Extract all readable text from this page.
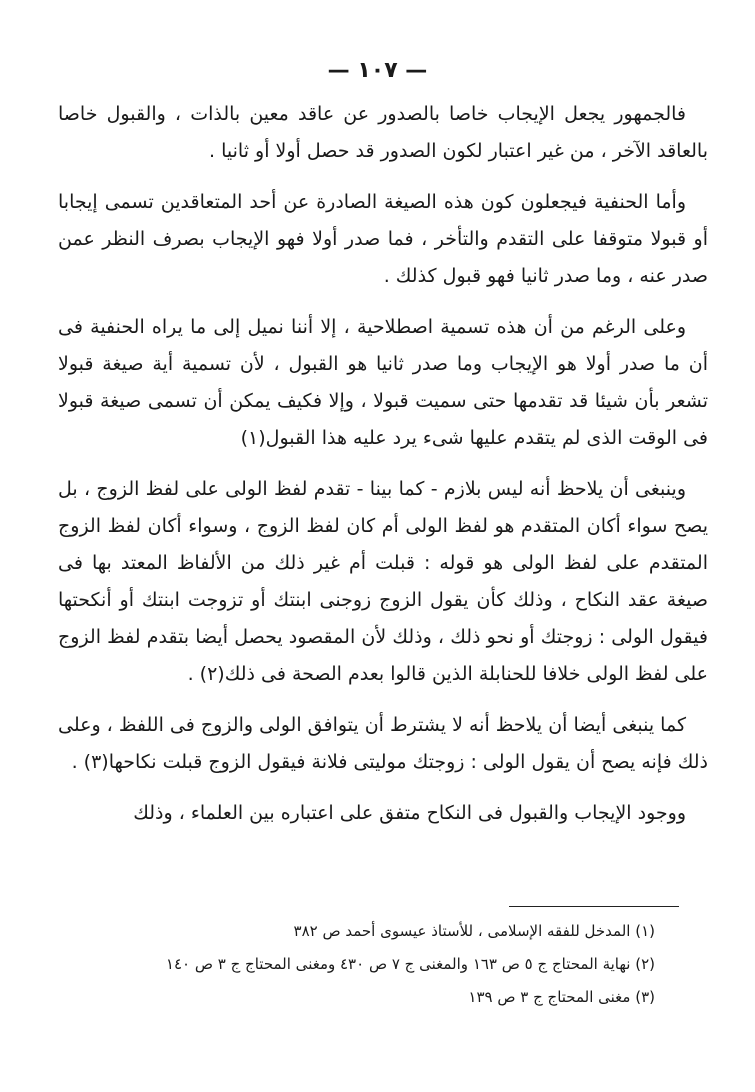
— ١٠٧ —

فالجمهور يجعل الإيجاب خاصا بالصدور عن عاقد معين بالذات ، والقبول خاصا بالعاقد الآخر ، من غير اعتبار لكون الصدور قد حصل أولا أو ثانيا .

وأما الحنفية فيجعلون كون هذه الصيغة الصادرة عن أحد المتعاقدين تسمى إيجابا أو قبولا متوقفا على التقدم والتأخر ، فما صدر أولا فهو الإيجاب بصرف النظر عمن صدر عنه ، وما صدر ثانيا فهو قبول كذلك .

وعلى الرغم من أن هذه تسمية اصطلاحية ، إلا أننا نميل إلى ما يراه الحنفية فى أن ما صدر أولا هو الإيجاب وما صدر ثانيا هو القبول ، لأن تسمية أية صيغة قبولا تشعر بأن شيئا قد تقدمها حتى سميت قبولا ، وإلا فكيف يمكن أن تسمى صيغة قبولا فى الوقت الذى لم يتقدم عليها شىء يرد عليه هذا القبول(١)

وينبغى أن يلاحظ أنه ليس بلازم - كما بينا - تقدم لفظ الولى على لفظ الزوج ، بل يصح سواء أكان المتقدم هو لفظ الولى أم كان لفظ الزوج ، وسواء أكان لفظ الزوج المتقدم على لفظ الولى هو قوله : قبلت أم غير ذلك من الألفاظ المعتد بها فى صيغة عقد النكاح ، وذلك كأن يقول الزوج زوجنى ابنتك أو تزوجت ابنتك أو أنكحتها فيقول الولى : زوجتك أو نحو ذلك ، وذلك لأن المقصود يحصل أيضا بتقدم لفظ الزوج على لفظ الولى خلافا للحنابلة الذين قالوا بعدم الصحة فى ذلك(٢) .

كما ينبغى أيضا أن يلاحظ أنه لا يشترط أن يتوافق الولى والزوج فى اللفظ ، وعلى ذلك فإنه يصح أن يقول الولى : زوجتك موليتى فلانة فيقول الزوج قبلت نكاحها(٣) .

ووجود الإيجاب والقبول فى النكاح متفق على اعتباره بين العلماء ، وذلك

(١) المدخل للفقه الإسلامى ، للأستاذ عيسوى أحمد ص ٣٨٢

(٢) نهاية المحتاج ج ٥ ص ١٦٣ والمغنى ج ٧ ص ٤٣٠ ومغنى المحتاج ج ٣ ص ١٤٠

(٣) مغنى المحتاج ج ٣ ص ١٣٩
